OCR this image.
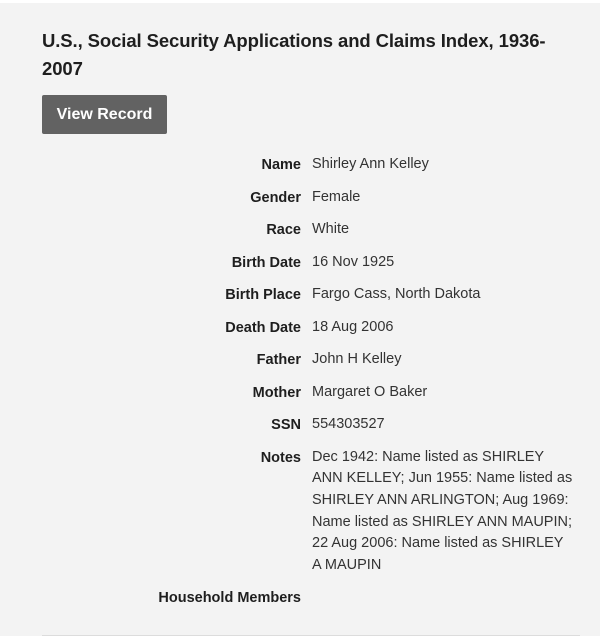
U.S., Social Security Applications and Claims Index, 1936-2007
View Record
Name Shirley Ann Kelley
Gender Female
Race White
Birth Date 16 Nov 1925
Birth Place Fargo Cass, North Dakota
Death Date 18 Aug 2006
Father John H Kelley
Mother Margaret O Baker
SSN 554303527
Notes Dec 1942: Name listed as SHIRLEY ANN KELLEY; Jun 1955: Name listed as SHIRLEY ANN ARLINGTON; Aug 1969: Name listed as SHIRLEY ANN MAUPIN; 22 Aug 2006: Name listed as SHIRLEY A MAUPIN
Household Members
